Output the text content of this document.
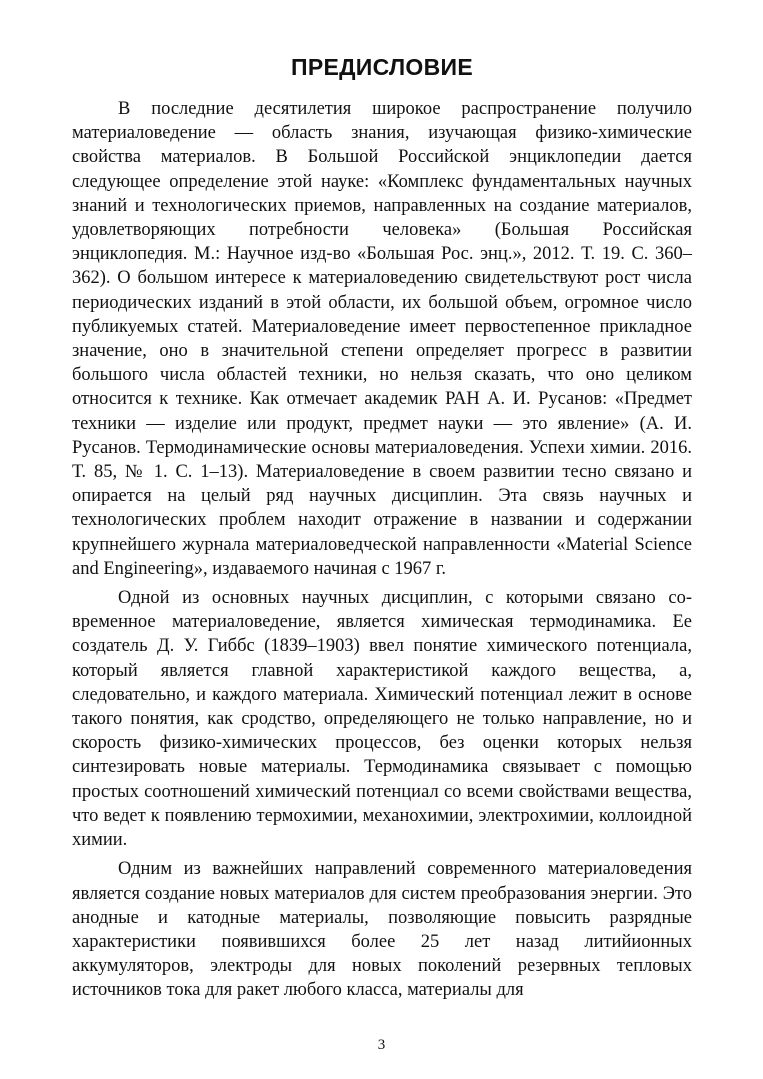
ПРЕДИСЛОВИЕ

В последние десятилетия широкое распространение получило материаловедение — область знания, изучающая физико-химические свойства материалов. В Большой Российской энциклопедии дается следующее определение этой науке: «Комплекс фундаментальных научных знаний и технологических приемов, направленных на создание материалов, удовлетворяющих потребности человека» (Большая Российская энциклопедия. М.: Научное изд-во «Большая Рос. энц.», 2012. Т. 19. С. 360–362). О большом интересе к материаловедению свидетельствуют рост числа периодических изданий в этой области, их большой объем, огромное число публикуемых статей. Материаловедение имеет первостепенное прикладное значение, оно в значительной степени определяет прогресс в развитии большого числа областей техники, но нельзя сказать, что оно целиком относится к технике. Как отмечает академик РАН А. И. Русанов: «Предмет техники — изделие или продукт, предмет науки — это явление» (А. И. Русанов. Термодинамические основы материаловедения. Успехи химии. 2016. Т. 85, № 1. С. 1–13). Материаловедение в своем развитии тесно связано и опирается на целый ряд научных дисциплин. Эта связь научных и технологических проблем находит отражение в названии и содержании крупнейшего журнала материаловедческой направленности «Material Science and Engineering», издаваемого начиная с 1967 г.

Одной из основных научных дисциплин, с которыми связано современное материаловедение, является химическая термодинамика. Ее создатель Д. У. Гиббс (1839–1903) ввел понятие химического потенциала, который является главной характеристикой каждого вещества, а, следовательно, и каждого материала. Химический потенциал лежит в основе такого понятия, как сродство, определяющего не только направление, но и скорость физико-химических процессов, без оценки которых нельзя синтезировать новые материалы. Термодинамика связывает с помощью простых соотношений химический потенциал со всеми свойствами вещества, что ведет к появлению термохимии, механохимии, электрохимии, коллоидной химии.

Одним из важнейших направлений современного материаловедения является создание новых материалов для систем преобразования энергии. Это анодные и катодные материалы, позволяющие повысить разрядные характеристики появившихся более 25 лет назад литийионных аккумуляторов, электроды для новых поколений резервных тепловых источников тока для ракет любого класса, материалы для

3
